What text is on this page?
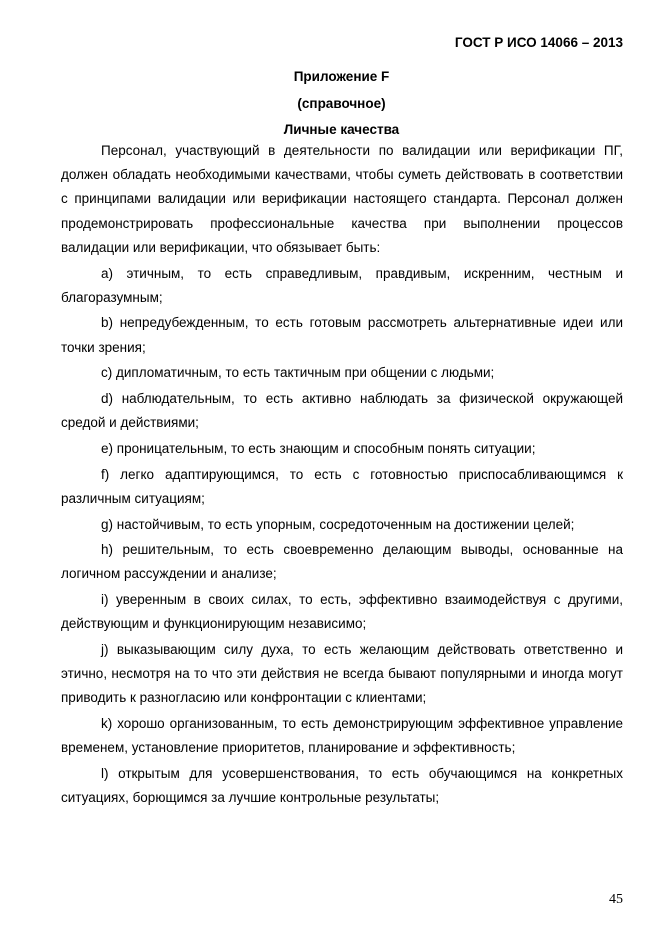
ГОСТ Р ИСО 14066 – 2013
Приложение F
(справочное)
Личные качества

Персонал, участвующий в деятельности по валидации или верификации ПГ, должен обладать необходимыми качествами, чтобы суметь действовать в соответствии с принципами валидации или верификации настоящего стандарта. Персонал должен продемонстрировать профессиональные качества при выполнении процессов валидации или верификации, что обязывает быть:

a) этичным, то есть справедливым, правдивым, искренним, честным и благоразумным;

b) непредубежденным, то есть готовым рассмотреть альтернативные идеи или точки зрения;

c) дипломатичным, то есть тактичным при общении с людьми;

d) наблюдательным, то есть активно наблюдать за физической окружающей средой и действиями;

e) проницательным, то есть знающим и способным понять ситуации;

f) легко адаптирующимся, то есть с готовностью приспосабливающимся к различным ситуациям;

g) настойчивым, то есть упорным, сосредоточенным на достижении целей;

h) решительным, то есть своевременно делающим выводы, основанные на логичном рассуждении и анализе;

i) уверенным в своих силах, то есть, эффективно взаимодействуя с другими, действующим и функционирующим независимо;

j) выказывающим силу духа, то есть желающим действовать ответственно и этично, несмотря на то что эти действия не всегда бывают популярными и иногда могут приводить к разногласию или конфронтации с клиентами;

k) хорошо организованным, то есть демонстрирующим эффективное управление временем, установление приоритетов, планирование и эффективность;

l) открытым для усовершенствования, то есть обучающимся на конкретных ситуациях, борющимся за лучшие контрольные результаты;

45
